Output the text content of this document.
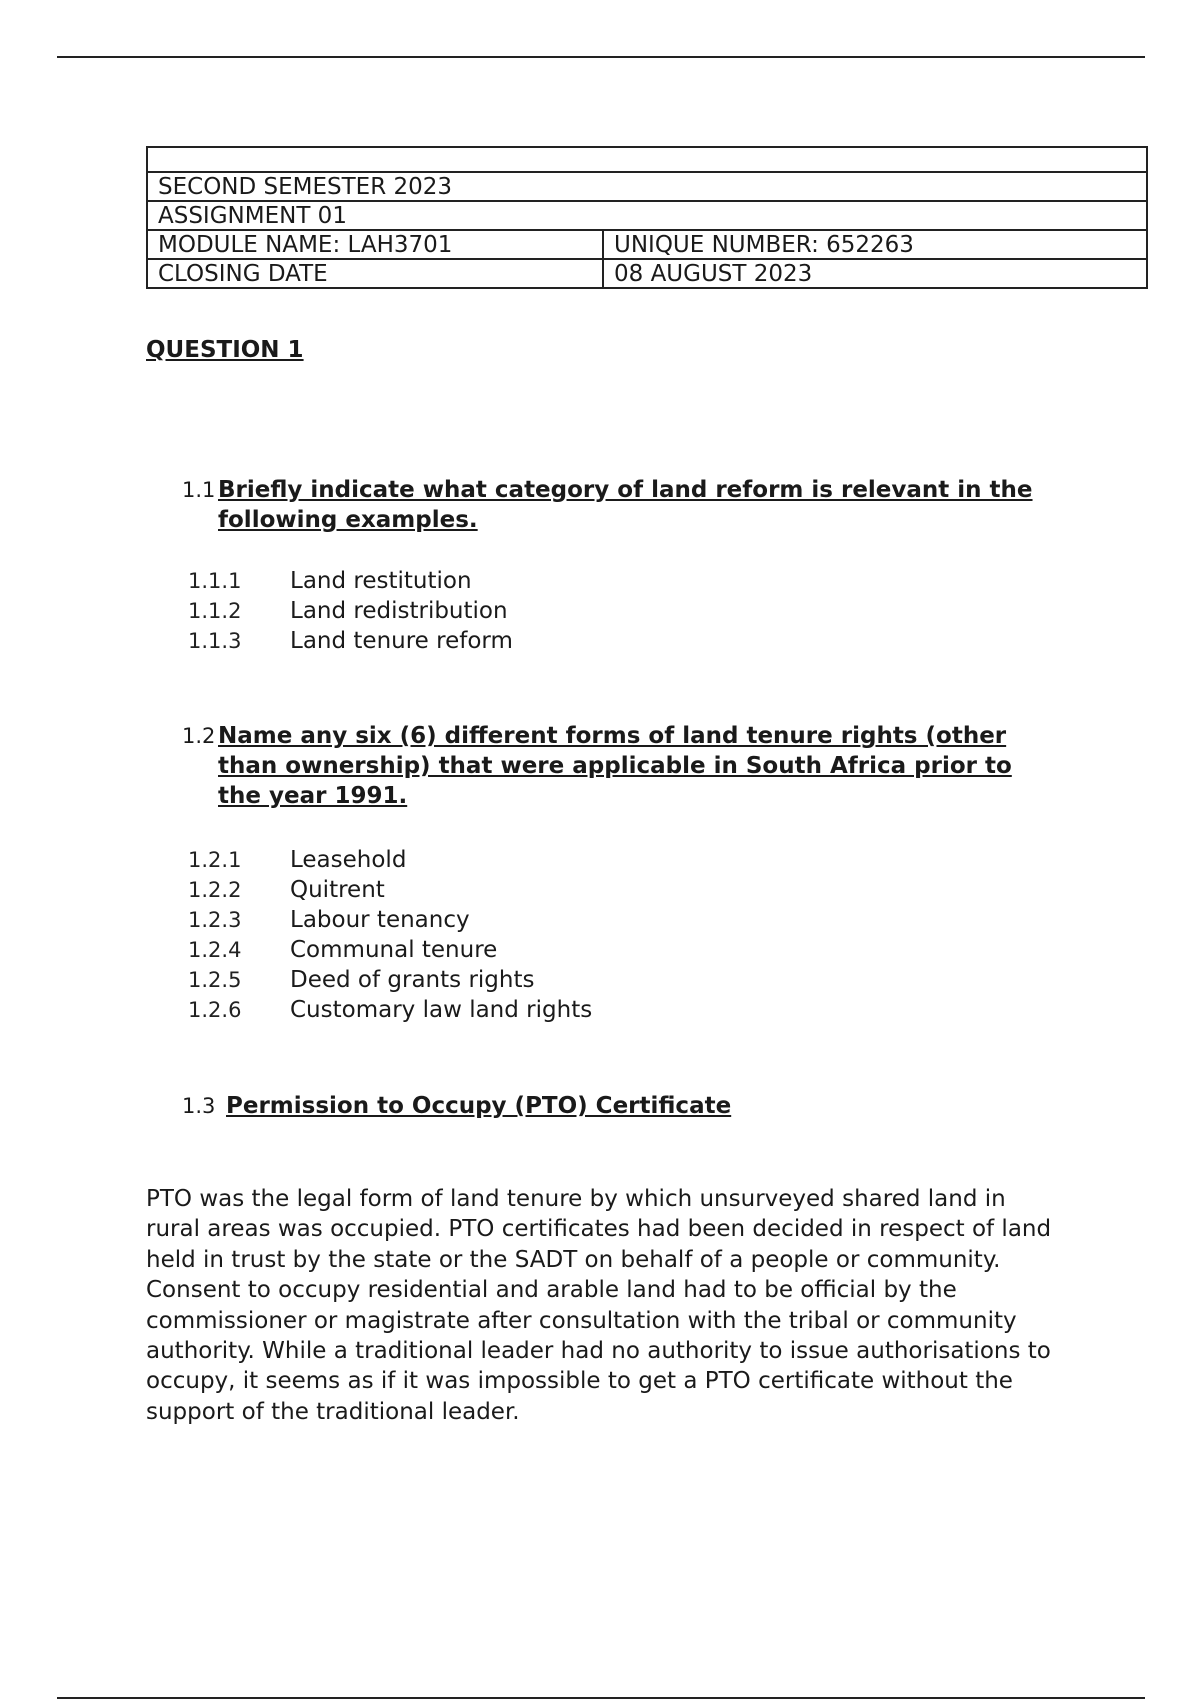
SECOND SEMESTER 2023	
ASSIGNMENT 01	
MODULE NAME: LAH3701	UNIQUE NUMBER: 652263
CLOSING DATE	08 AUGUST 2023
QUESTION 1
1.1 Briefly indicate what category of land reform is relevant in the following examples.
1.1.1	Land restitution
1.1.2	Land redistribution
1.1.3	Land tenure reform
1.2 Name any six (6) different forms of land tenure rights (other than ownership) that were applicable in South Africa prior to the year 1991.
1.2.1	Leasehold
1.2.2	Quitrent
1.2.3	Labour tenancy
1.2.4	Communal tenure
1.2.5	Deed of grants rights
1.2.6	Customary law land rights
1.3 Permission to Occupy (PTO) Certificate

PTO was the legal form of land tenure by which unsurveyed shared land in rural areas was occupied. PTO certificates had been decided in respect of land held in trust by the state or the SADT on behalf of a people or community. Consent to occupy residential and arable land had to be official by the commissioner or magistrate after consultation with the tribal or community authority. While a traditional leader had no authority to issue authorisations to occupy, it seems as if it was impossible to get a PTO certificate without the support of the traditional leader.
